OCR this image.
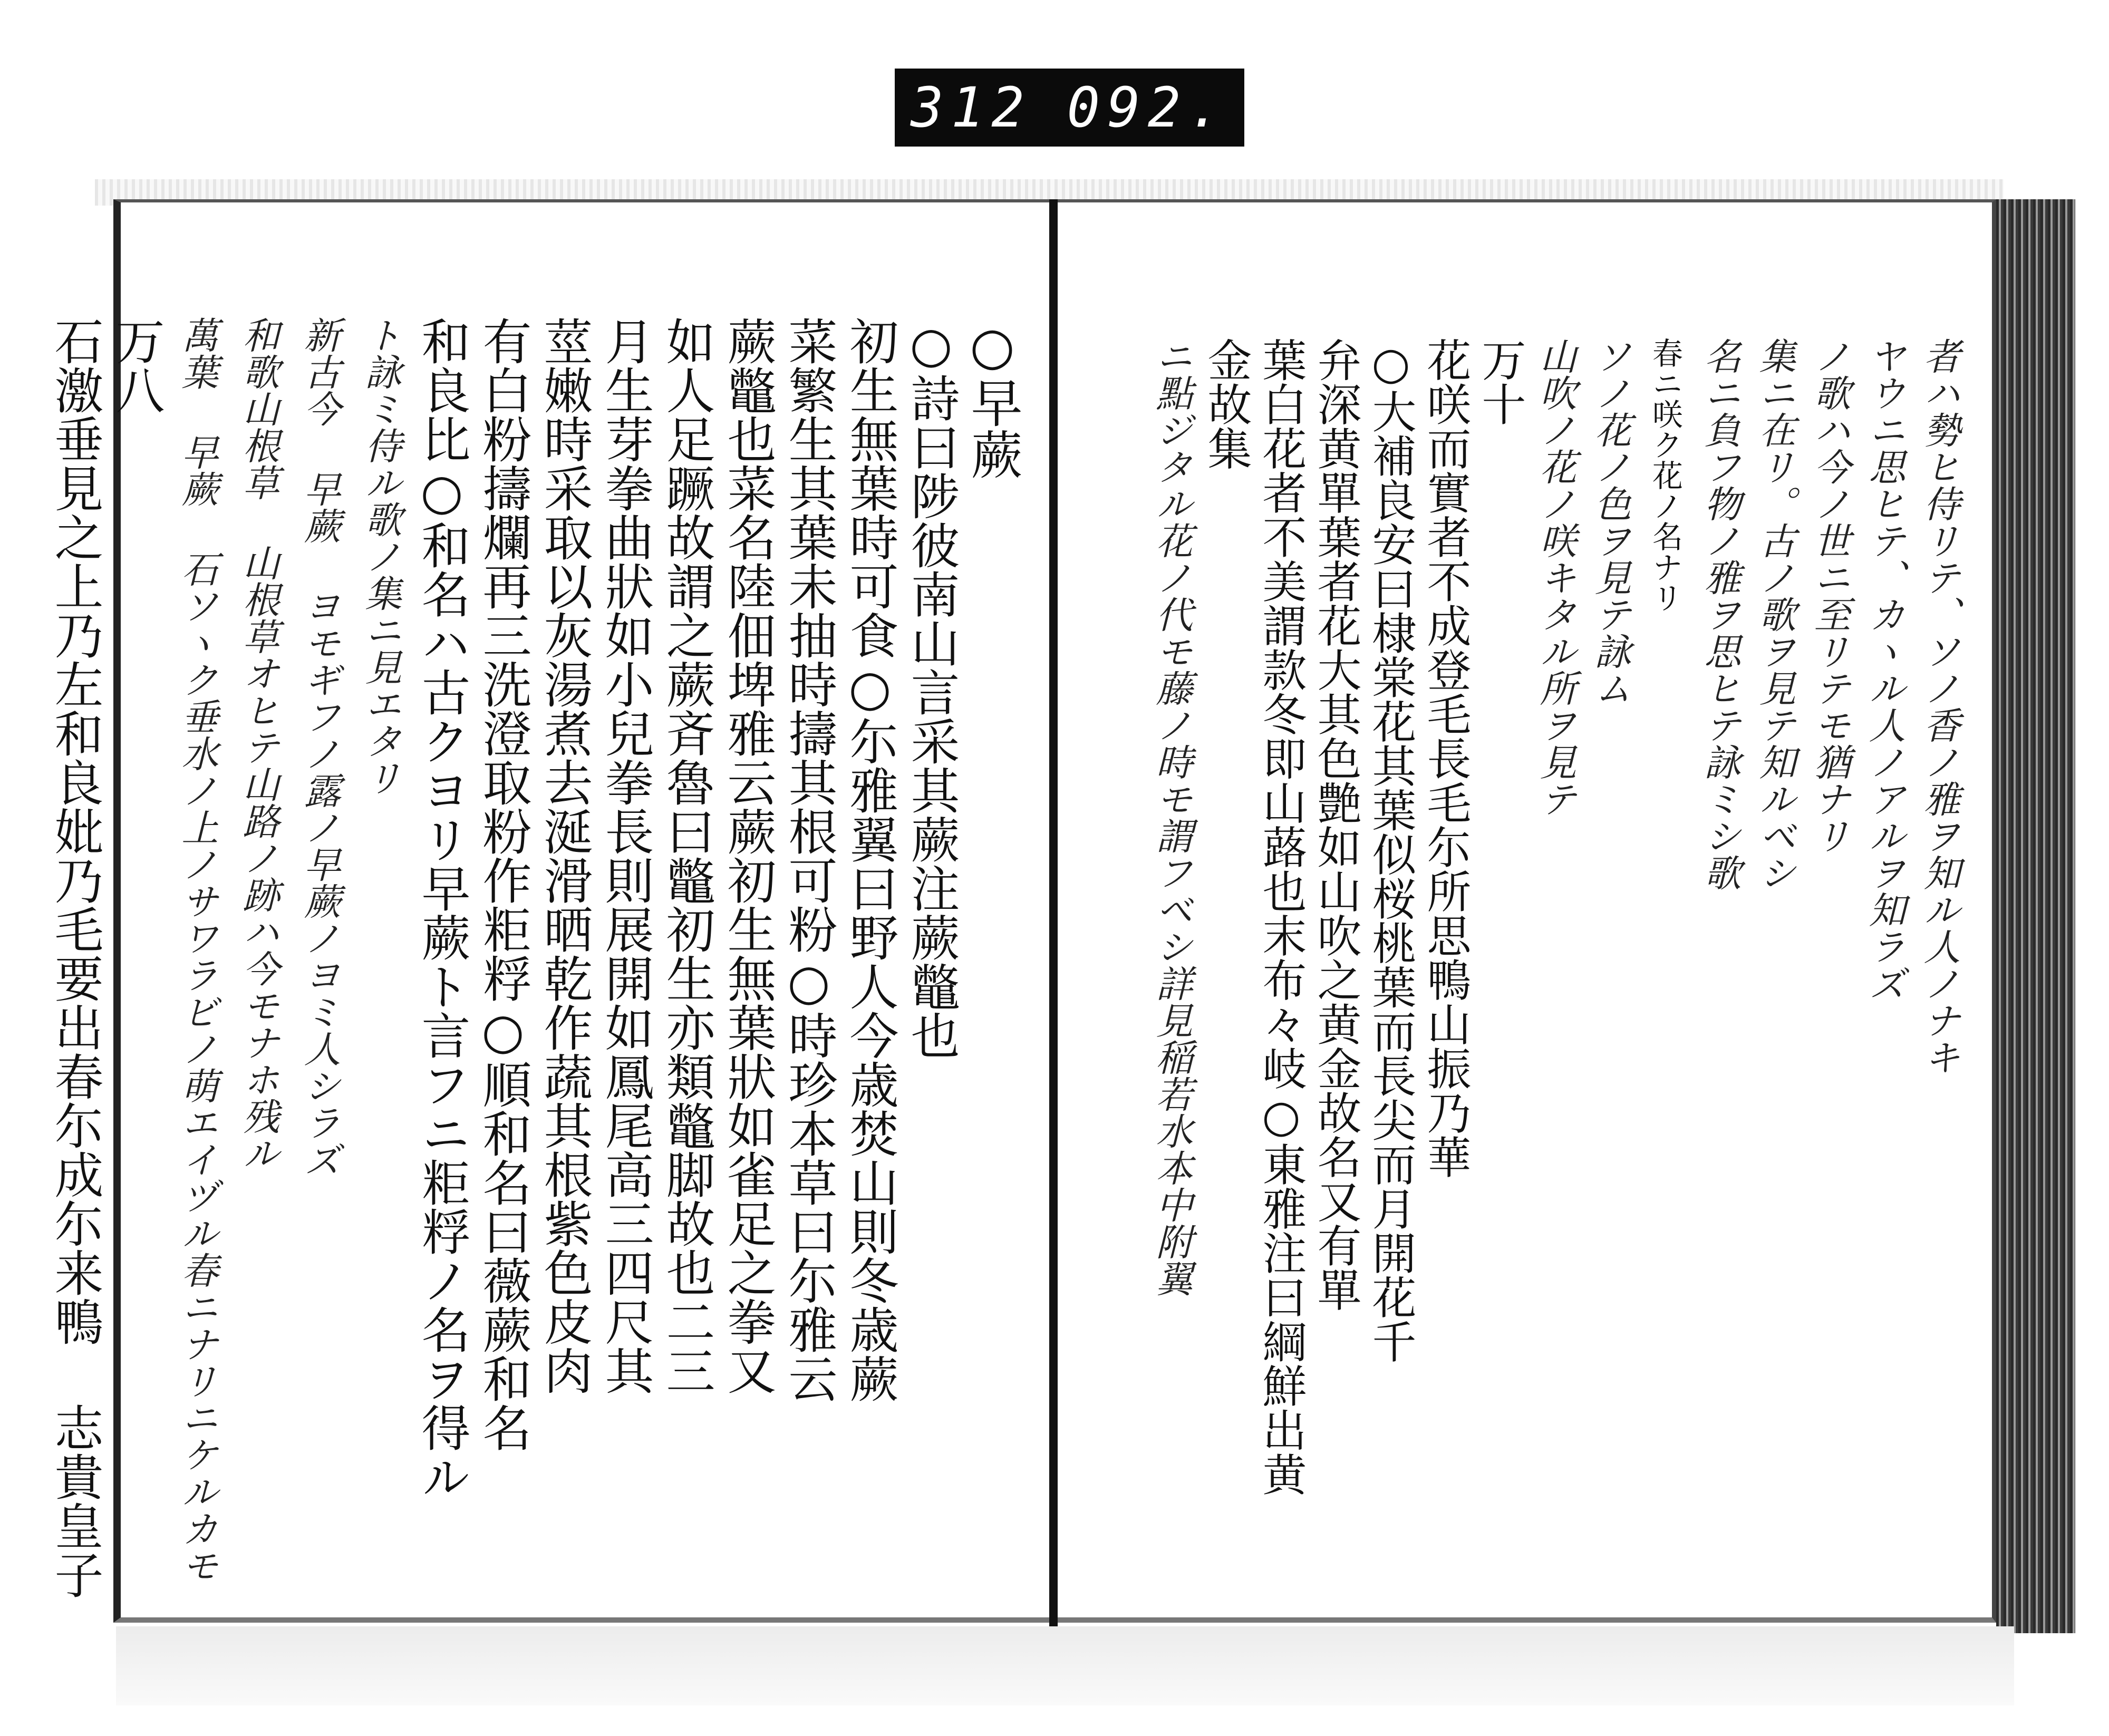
312 092.
者ハ勢ヒ侍リテ、ソノ香ノ雅ヲ知ル人ノナキ
ヤウニ思ヒテ、カヽル人ノアルヲ知ラズ
ノ歌ハ今ノ世ニ至リテモ猶ナリ
集ニ在リ。古ノ歌ヲ見テ知ルベシ
名ニ負フ物ノ雅ヲ思ヒテ詠ミシ歌
春ニ咲ク花ノ名ナリ
ソノ花ノ色ヲ見テ詠ム
山吹ノ花ノ咲キタル所ヲ見テ
万十
花咲而實者不成登毛長毛尓所思鴨山振乃華
○大補良安曰棣棠花其葉似桜桃葉而長尖而月開花千
弁深黄單葉者花大其色艶如山吹之黄金故名又有單
葉白花者不美謂款冬即山蕗也末布々岐○東雅注曰綱鮮出黄金故集
ニ點ジタル花ノ代モ藤ノ時モ謂フベシ詳見稲若水本中附翼
○早蕨
○詩曰陟彼南山言采其蕨注蕨鼈也
初生無葉時可食○尓雅翼曰野人今歳焚山則冬歳蕨
菜繁生其葉未抽時擣其根可粉○時珍本草曰尓雅云
蕨鼈也菜名陸佃埤雅云蕨初生無葉狀如雀足之拳又
如人足蹶故謂之蕨斉魯曰鼈初生亦類鼈脚故也二三
月生芽拳曲狀如小兒拳長則展開如鳳尾高三四尺其
莖嫩時采取以灰湯煮去涎滑晒乾作蔬其根紫色皮肉
有白粉擣爛再三洗澄取粉作粔粰○順和名曰薇蕨和名
和良比○和名ハ古クヨリ早蕨ト言フニ粔粰ノ名ヲ得ル
ト詠ミ侍ル歌ノ集ニ見エタリ
新古今 早蕨 ヨモギフノ露ノ早蕨ノヨミ人シラズ
和歌山根草 山根草オヒテ山路ノ跡ハ今モナホ残ル
萬葉 早蕨 石ソヽク垂水ノ上ノサワラビノ萌エイヅル春ニナリニケルカモ
万八
石激垂見之上乃左和良妣乃毛要出春尓成尓来鴨 志貴皇子
